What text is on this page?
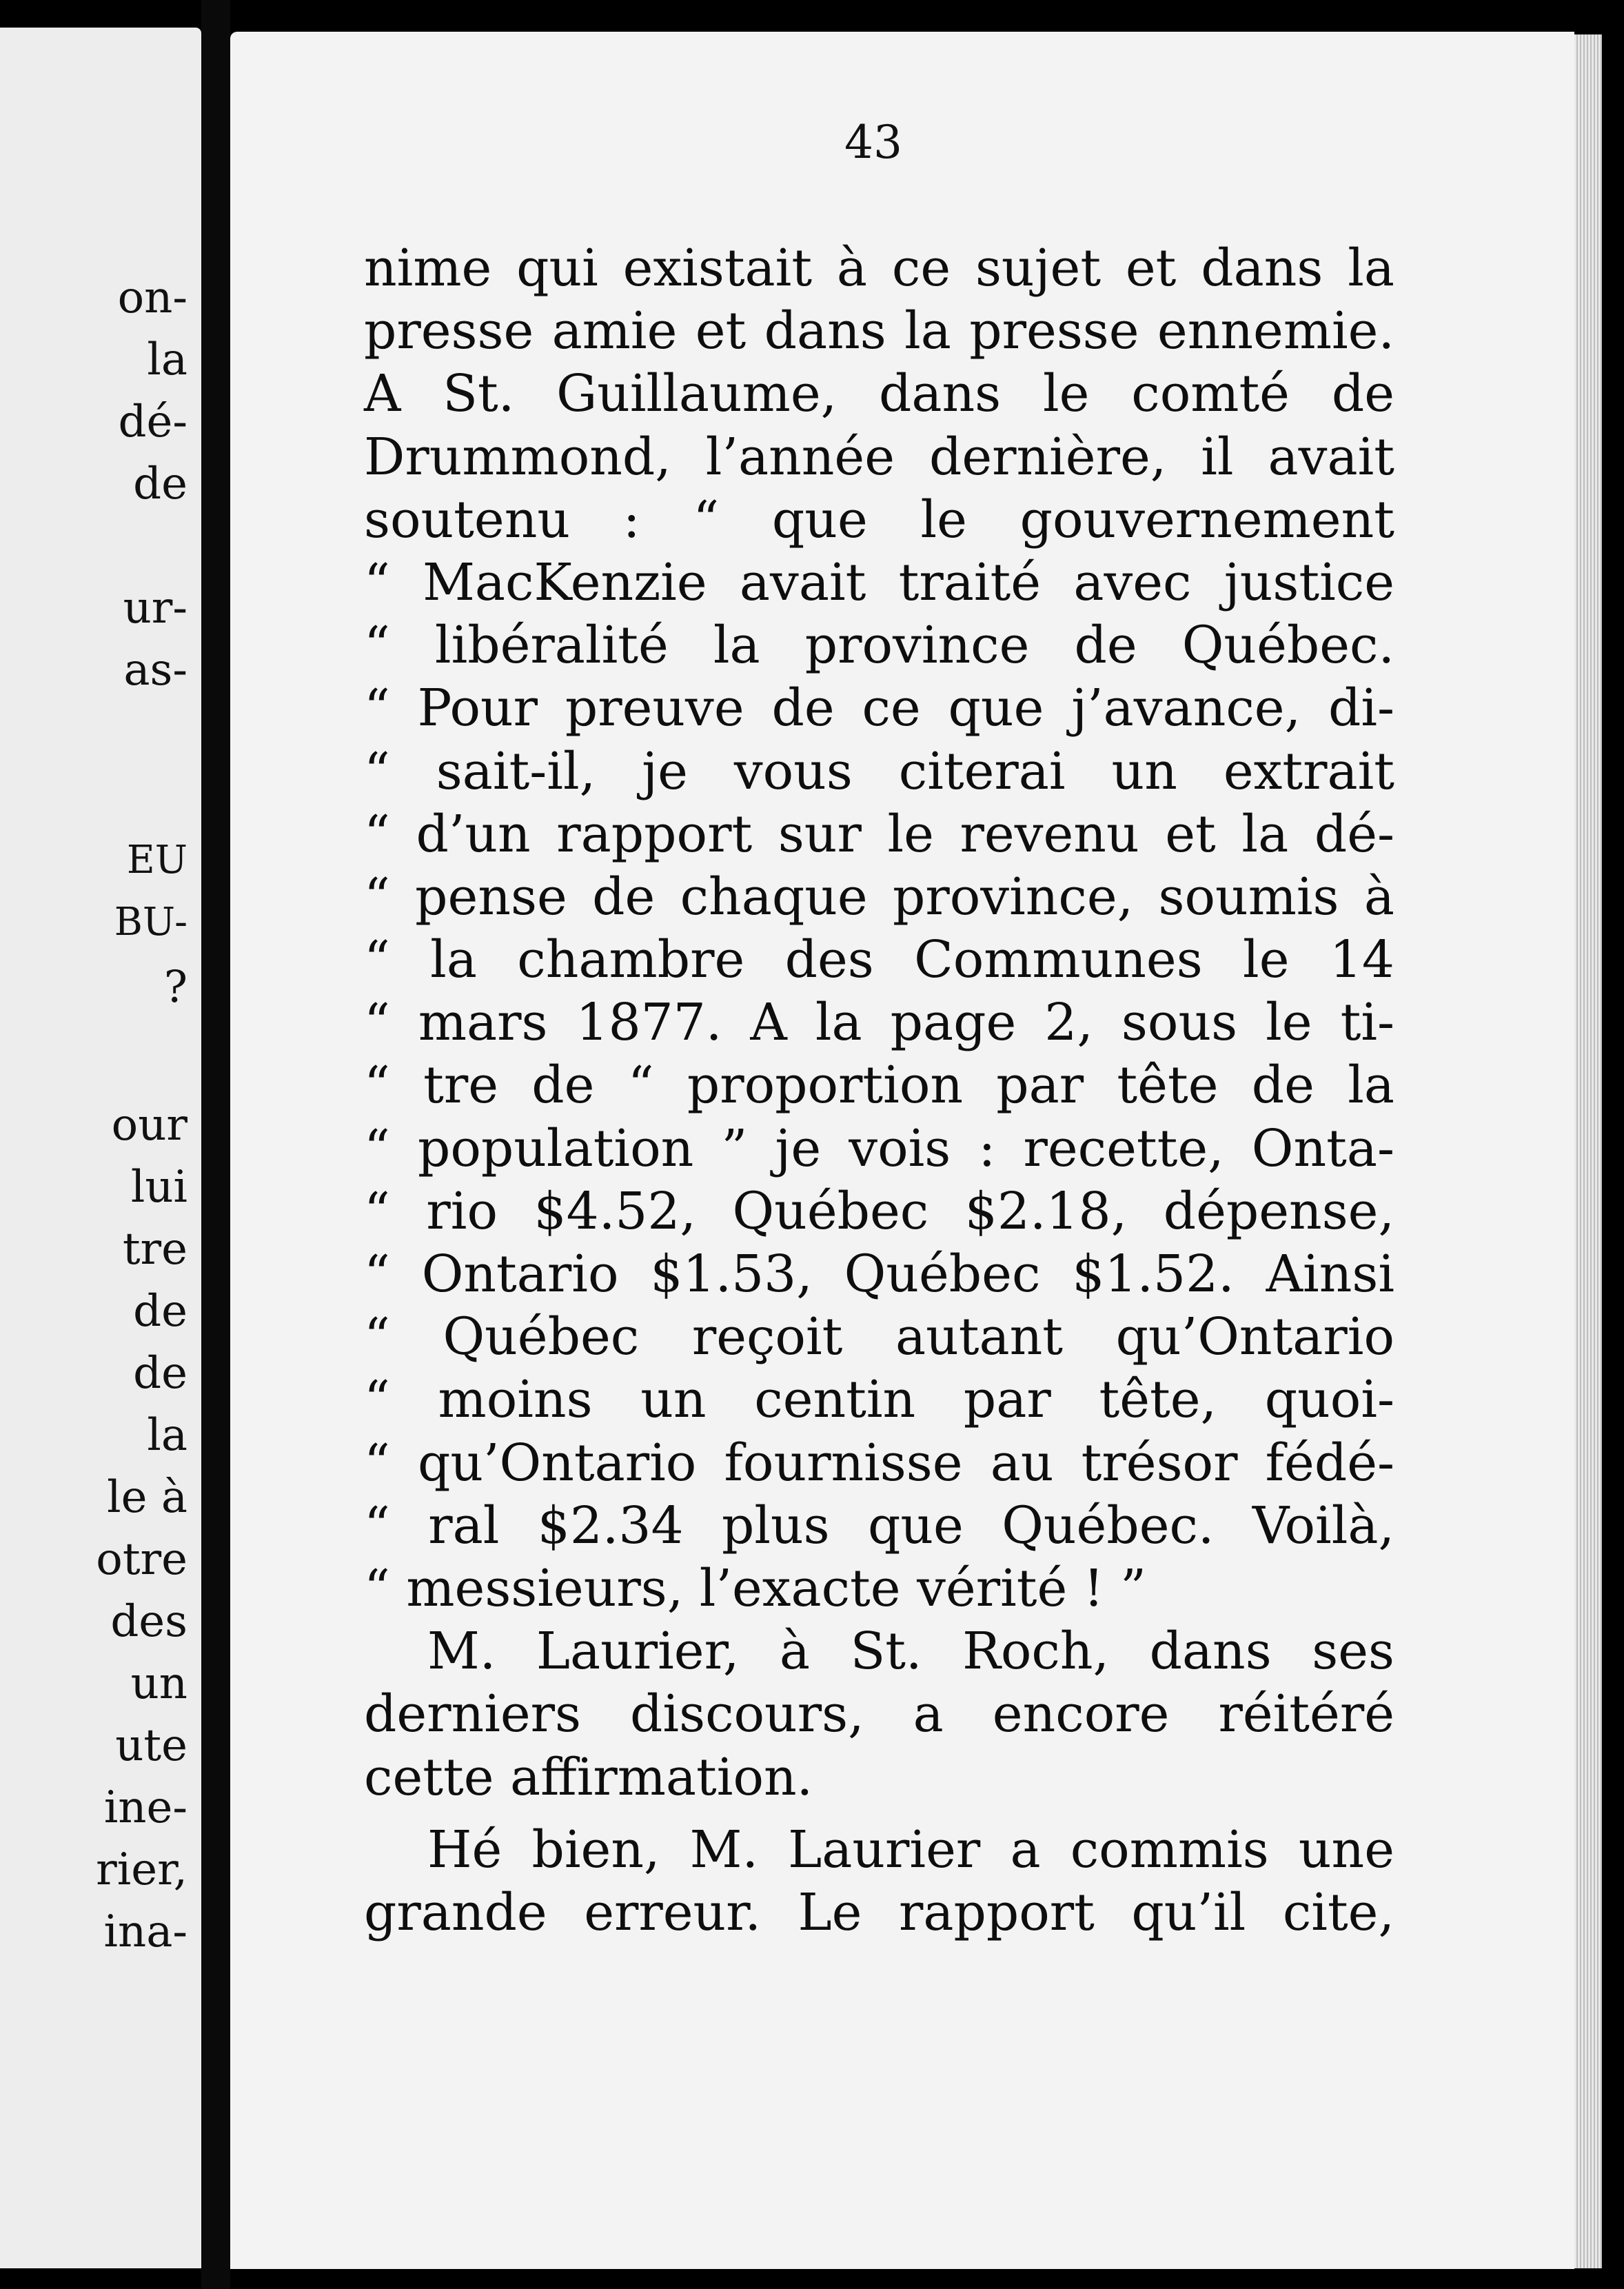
on-
la
dé-
de
ur-
as-
EU
BU-
?
our
lui
tre
de
de
la
le à
otre
des
un
ute
ine-
rier,
ina-
43
nime qui existait à ce sujet et dans la
presse amie et dans la presse ennemie.
A St. Guillaume, dans le comté de
Drummond, l’année dernière, il avait
soutenu : “ que le gouvernement
“ MacKenzie avait traité avec justice
“ libéralité la province de Québec.
“ Pour preuve de ce que j’avance, di-
“ sait-il, je vous citerai un extrait
“ d’un rapport sur le revenu et la dé-
“ pense de chaque province, soumis à
“ la chambre des Communes le 14
“ mars 1877. A la page 2, sous le ti-
“ tre de “ proportion par tête de la
“ population ” je vois : recette, Onta-
“ rio $4.52, Québec $2.18, dépense,
“ Ontario $1.53, Québec $1.52. Ainsi
“ Québec reçoit autant qu’Ontario
“ moins un centin par tête, quoi-
“ qu’Ontario fournisse au trésor fédé-
“ ral $2.34 plus que Québec. Voilà,
“ messieurs, l’exacte vérité ! ”
M. Laurier, à St. Roch, dans ses
derniers discours, a encore réitéré
cette affirmation.
Hé bien, M. Laurier a commis une
grande erreur. Le rapport qu’il cite,
